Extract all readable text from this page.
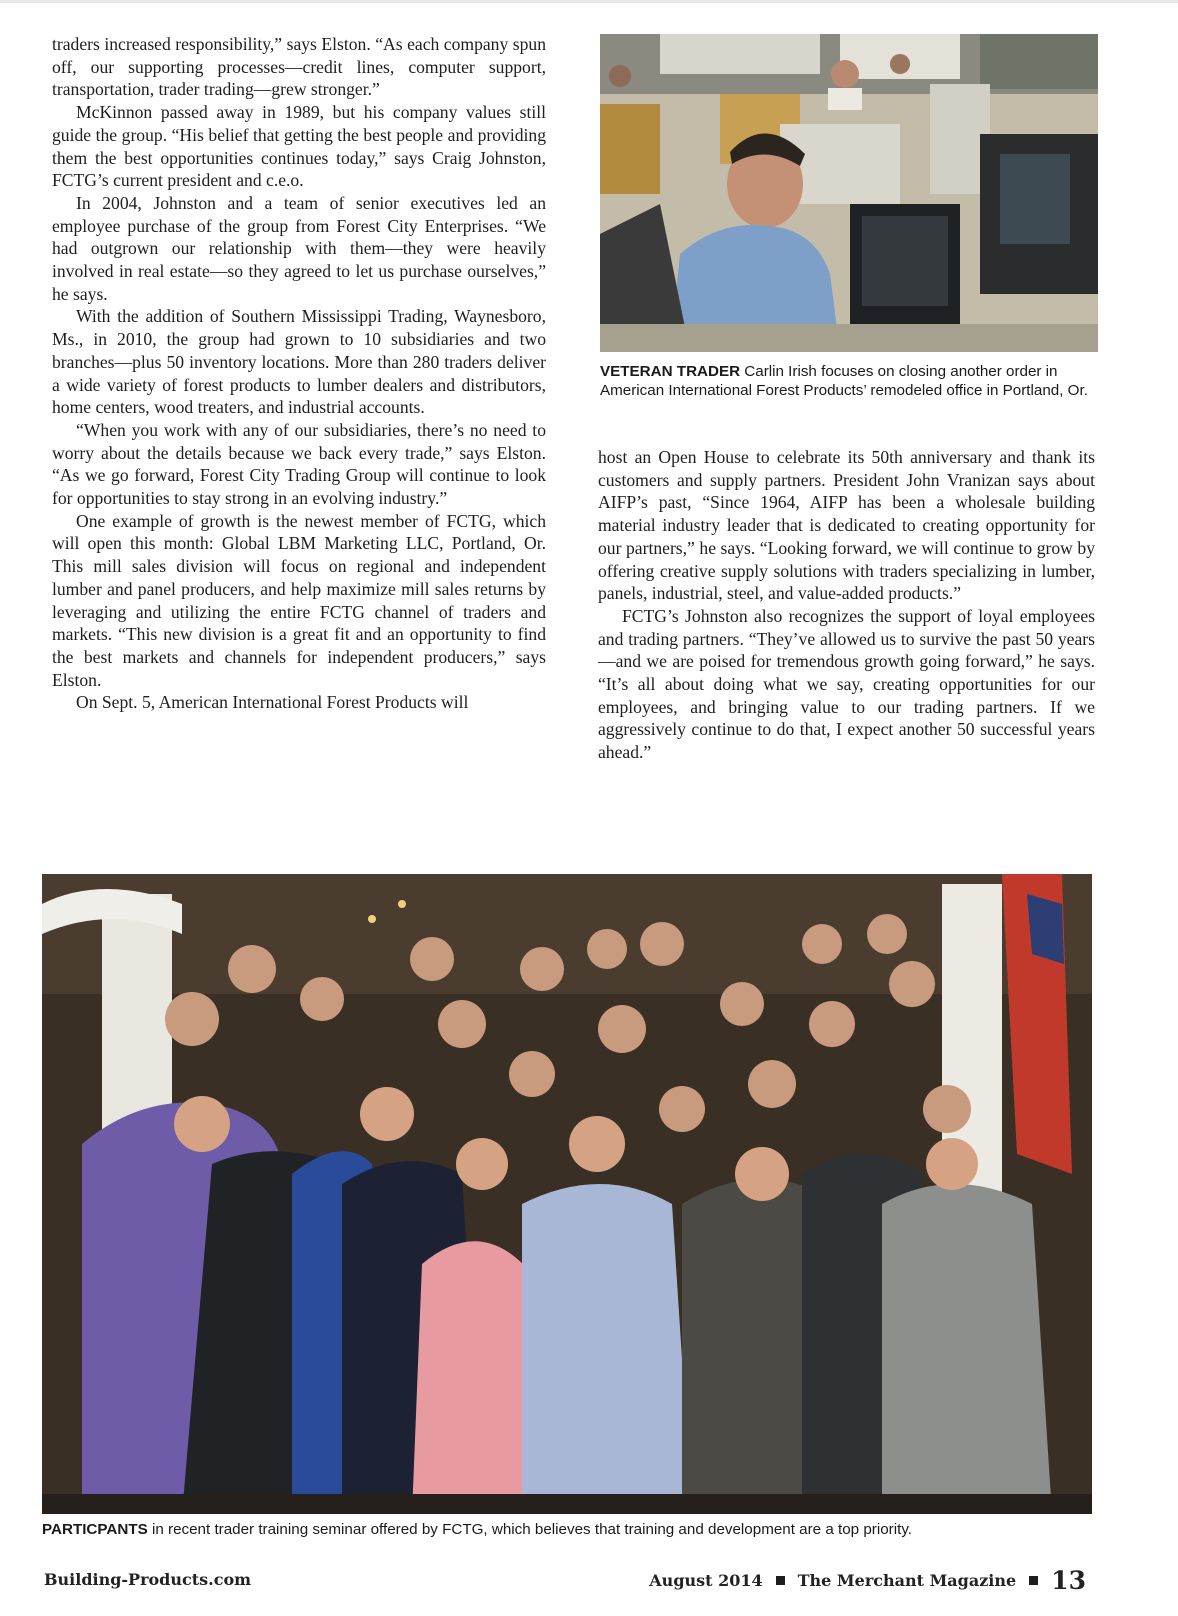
traders increased responsibility,” says Elston. “As each company spun off, our supporting processes—credit lines, computer support, transportation, trader trading—grew stronger.”

McKinnon passed away in 1989, but his company values still guide the group. “His belief that getting the best people and providing them the best opportunities continues today,” says Craig Johnston, FCTG’s current president and c.e.o.

In 2004, Johnston and a team of senior executives led an employee purchase of the group from Forest City Enterprises. “We had outgrown our relationship with them—they were heavily involved in real estate—so they agreed to let us purchase ourselves,” he says.

With the addition of Southern Mississippi Trading, Waynesboro, Ms., in 2010, the group had grown to 10 subsidiaries and two branches—plus 50 inventory locations. More than 280 traders deliver a wide variety of forest products to lumber dealers and distributors, home centers, wood treaters, and industrial accounts.

“When you work with any of our subsidiaries, there’s no need to worry about the details because we back every trade,” says Elston. “As we go forward, Forest City Trading Group will continue to look for opportunities to stay strong in an evolving industry.”

One example of growth is the newest member of FCTG, which will open this month: Global LBM Marketing LLC, Portland, Or. This mill sales division will focus on regional and independent lumber and panel producers, and help maximize mill sales returns by leveraging and utilizing the entire FCTG channel of traders and markets. “This new division is a great fit and an opportunity to find the best markets and channels for independent producers,” says Elston.

On Sept. 5, American International Forest Products will

VETERAN TRADER Carlin Irish focuses on closing another order in American International Forest Products’ remodeled office in Portland, Or.

host an Open House to celebrate its 50th anniversary and thank its customers and supply partners. President John Vranizan says about AIFP’s past, “Since 1964, AIFP has been a wholesale building material industry leader that is dedicated to creating opportunity for our partners,” he says. “Looking forward, we will continue to grow by offering creative supply solutions with traders specializing in lumber, panels, industrial, steel, and value-added products.”

FCTG’s Johnston also recognizes the support of loyal employees and trading partners. “They’ve allowed us to survive the past 50 years—and we are poised for tremendous growth going forward,” he says. “It’s all about doing what we say, creating opportunities for our employees, and bringing value to our trading partners. If we aggressively continue to do that, I expect another 50 successful years ahead.”

PARTICPANTS in recent trader training seminar offered by FCTG, which believes that training and development are a top priority.
Building-Products.com	August 2014 The Merchant Magazine 13
